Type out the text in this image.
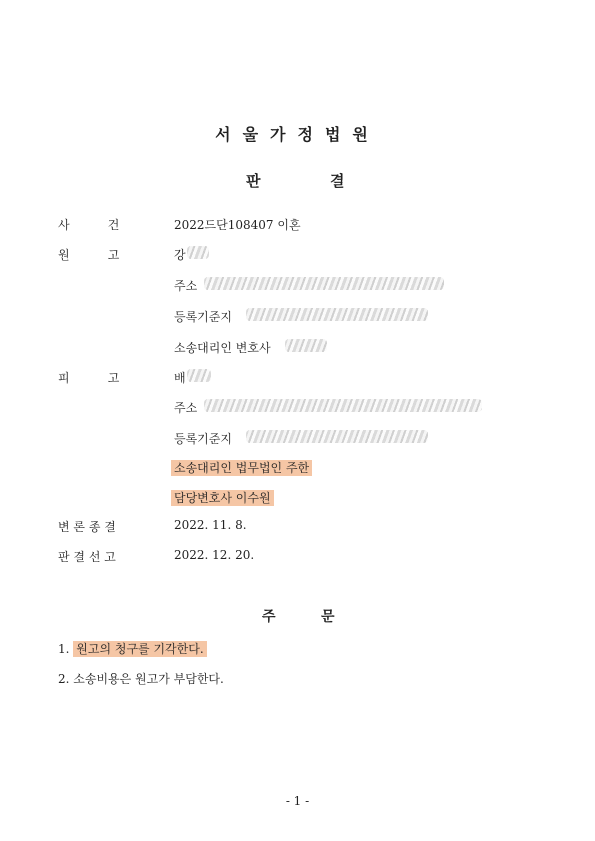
서울가정법원
판	결
사          건	2022드단108407 이혼
원          고	강
주소
등록기준지
소송대리인 변호사
피          고	배
주소
등록기준지
소송대리인 법무법인 주한
담당변호사 이수원
변 론 종 결	2022. 11. 8.
판 결 선 고	2022. 12. 20.
주	문
1. 원고의 청구를 기각한다.
2. 소송비용은 원고가 부담한다.
- 1 -
